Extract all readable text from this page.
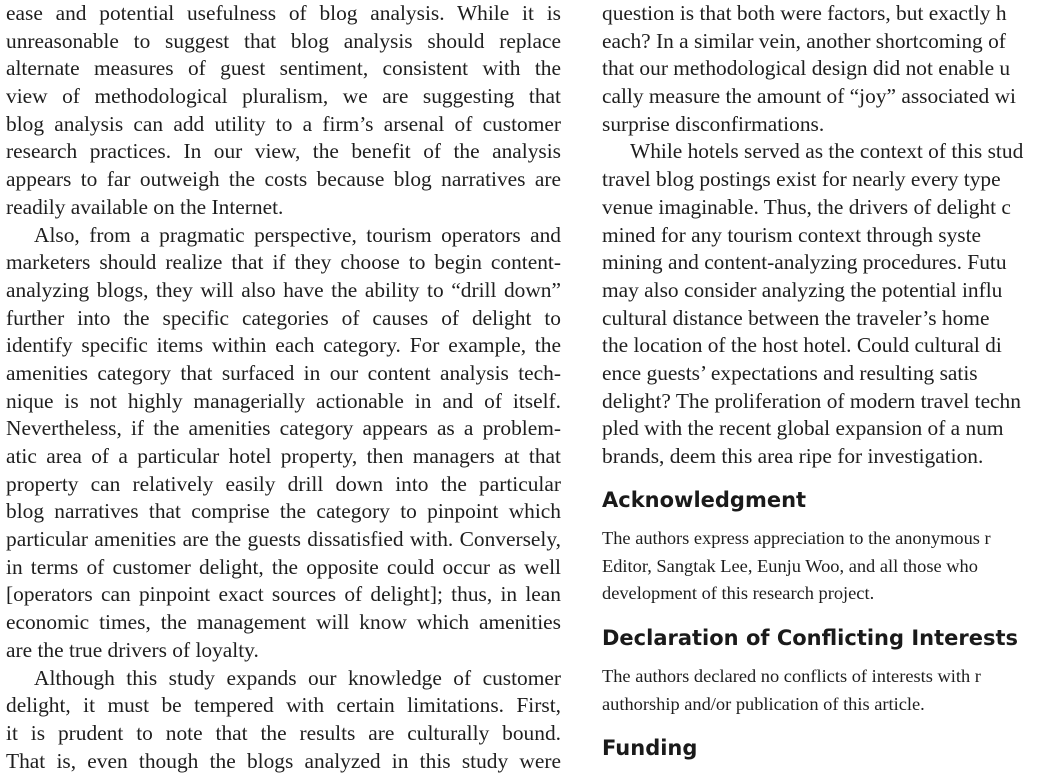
ease and potential usefulness of blog analysis. While it is
unreasonable to suggest that blog analysis should replace
alternate measures of guest sentiment, consistent with the
view of methodological pluralism, we are suggesting that
blog analysis can add utility to a firm’s arsenal of customer
research practices. In our view, the benefit of the analysis
appears to far outweigh the costs because blog narratives are
readily available on the Internet.
Also, from a pragmatic perspective, tourism operators and
marketers should realize that if they choose to begin content-
analyzing blogs, they will also have the ability to “drill down”
further into the specific categories of causes of delight to
identify specific items within each category. For example, the
amenities category that surfaced in our content analysis tech-
nique is not highly managerially actionable in and of itself.
Nevertheless, if the amenities category appears as a problem-
atic area of a particular hotel property, then managers at that
property can relatively easily drill down into the particular
blog narratives that comprise the category to pinpoint which
particular amenities are the guests dissatisfied with. Conversely,
in terms of customer delight, the opposite could occur as well
[operators can pinpoint exact sources of delight]; thus, in lean
economic times, the management will know which amenities
are the true drivers of loyalty.
Although this study expands our knowledge of customer
delight, it must be tempered with certain limitations. First,
it is prudent to note that the results are culturally bound.
That is, even though the blogs analyzed in this study were
question is that both were factors, but exactly h
each? In a similar vein, another shortcoming of
that our methodological design did not enable u
cally measure the amount of “joy” associated wi
surprise disconfirmations.
While hotels served as the context of this stud
travel blog postings exist for nearly every type
venue imaginable. Thus, the drivers of delight c
mined for any tourism context through syste
mining and content-analyzing procedures. Futu
may also consider analyzing the potential influ
cultural distance between the traveler’s home
the location of the host hotel. Could cultural di
ence guests’ expectations and resulting satis
delight? The proliferation of modern travel techn
pled with the recent global expansion of a num
brands, deem this area ripe for investigation.
Acknowledgment
The authors express appreciation to the anonymous r
Editor, Sangtak Lee, Eunju Woo, and all those who
development of this research project.
Declaration of Conflicting Interests
The authors declared no conflicts of interests with r
authorship and/or publication of this article.
Funding
